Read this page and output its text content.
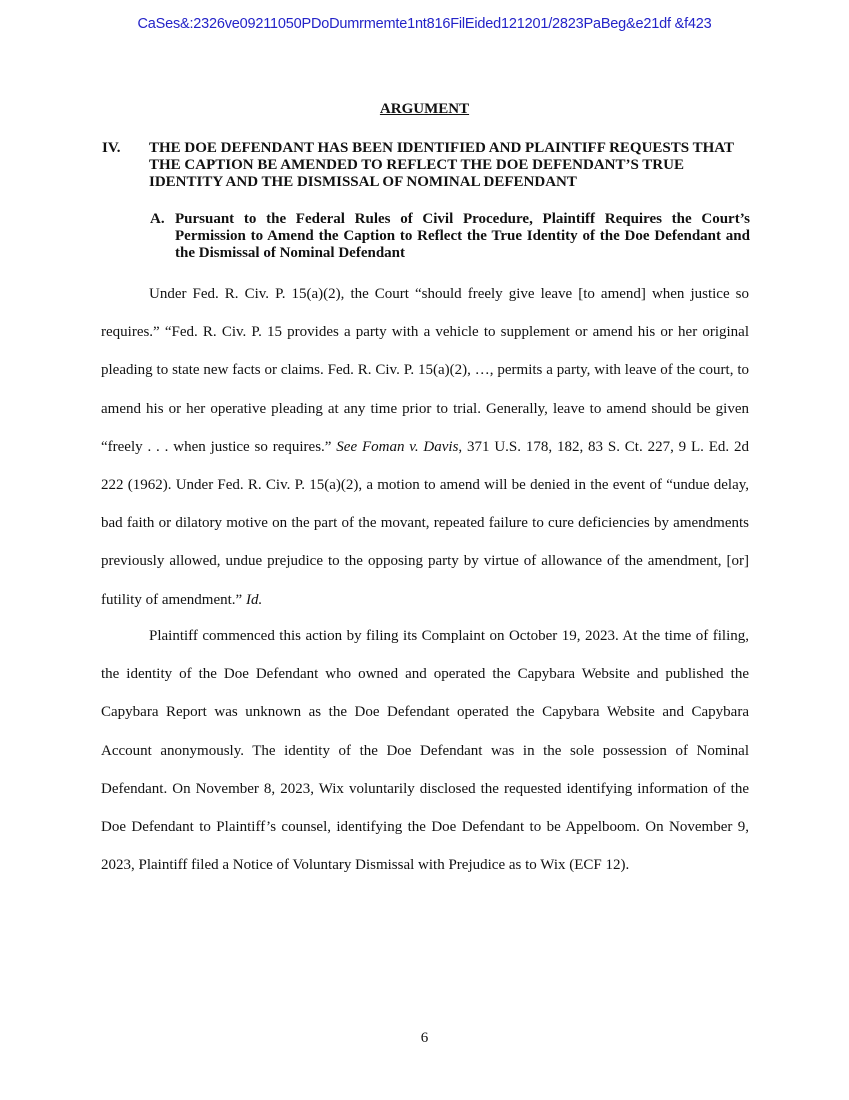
CaSes&:2326ve09211050PDoDumrmemte1nt816FilEided121201/2823PaBeg&e21df &f423
ARGUMENT
IV. THE DOE DEFENDANT HAS BEEN IDENTIFIED AND PLAINTIFF REQUESTS THAT THE CAPTION BE AMENDED TO REFLECT THE DOE DEFENDANT’S TRUE IDENTITY AND THE DISMISSAL OF NOMINAL DEFENDANT
A. Pursuant to the Federal Rules of Civil Procedure, Plaintiff Requires the Court’s Permission to Amend the Caption to Reflect the True Identity of the Doe Defendant and the Dismissal of Nominal Defendant
Under Fed. R. Civ. P. 15(a)(2), the Court “should freely give leave [to amend] when justice so requires.” “Fed. R. Civ. P. 15 provides a party with a vehicle to supplement or amend his or her original pleading to state new facts or claims. Fed. R. Civ. P. 15(a)(2), …, permits a party, with leave of the court, to amend his or her operative pleading at any time prior to trial. Generally, leave to amend should be given “freely . . . when justice so requires.” See Foman v. Davis, 371 U.S. 178, 182, 83 S. Ct. 227, 9 L. Ed. 2d 222 (1962). Under Fed. R. Civ. P. 15(a)(2), a motion to amend will be denied in the event of “undue delay, bad faith or dilatory motive on the part of the movant, repeated failure to cure deficiencies by amendments previously allowed, undue prejudice to the opposing party by virtue of allowance of the amendment, [or] futility of amendment.” Id.
Plaintiff commenced this action by filing its Complaint on October 19, 2023. At the time of filing, the identity of the Doe Defendant who owned and operated the Capybara Website and published the Capybara Report was unknown as the Doe Defendant operated the Capybara Website and Capybara Account anonymously. The identity of the Doe Defendant was in the sole possession of Nominal Defendant. On November 8, 2023, Wix voluntarily disclosed the requested identifying information of the Doe Defendant to Plaintiff’s counsel, identifying the Doe Defendant to be Appelboom. On November 9, 2023, Plaintiff filed a Notice of Voluntary Dismissal with Prejudice as to Wix (ECF 12).
6
